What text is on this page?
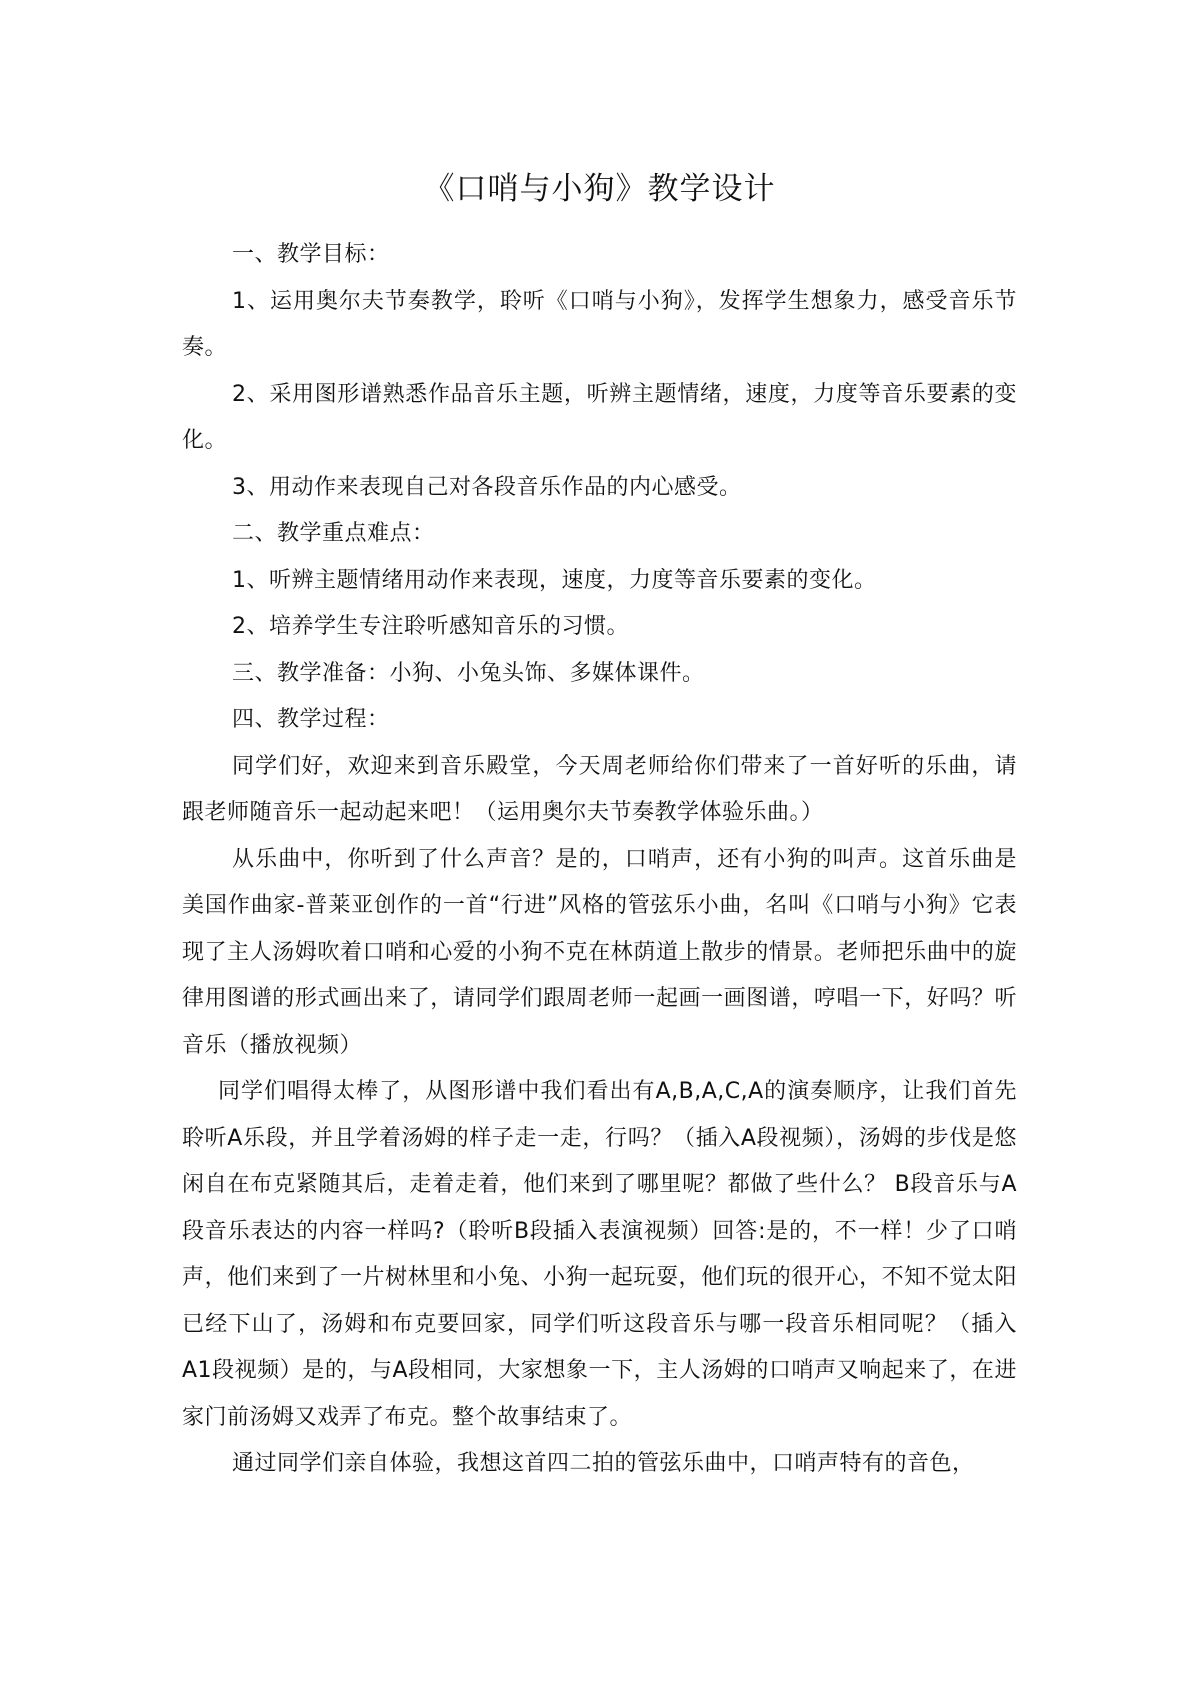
《口哨与小狗》教学设计

一、教学目标：

1、运用奥尔夫节奏教学，聆听《口哨与小狗》，发挥学生想象力，感受音乐节奏。

2、采用图形谱熟悉作品音乐主题，听辨主题情绪，速度，力度等音乐要素的变化。

3、用动作来表现自己对各段音乐作品的内心感受。

二、教学重点难点：

1、听辨主题情绪用动作来表现，速度，力度等音乐要素的变化。

2、培养学生专注聆听感知音乐的习惯。

三、教学准备：小狗、小兔头饰、多媒体课件。

四、教学过程：

同学们好，欢迎来到音乐殿堂，今天周老师给你们带来了一首好听的乐曲，请跟老师随音乐一起动起来吧！（运用奥尔夫节奏教学体验乐曲。）

从乐曲中，你听到了什么声音？是的，口哨声，还有小狗的叫声。这首乐曲是美国作曲家-普莱亚创作的一首“行进”风格的管弦乐小曲，名叫《口哨与小狗》它表现了主人汤姆吹着口哨和心爱的小狗不克在林荫道上散步的情景。老师把乐曲中的旋律用图谱的形式画出来了，请同学们跟周老师一起画一画图谱，哼唱一下，好吗？听音乐（播放视频）

同学们唱得太棒了，从图形谱中我们看出有A,B,A,C,A的演奏顺序，让我们首先聆听A乐段，并且学着汤姆的样子走一走，行吗？（插入A段视频），汤姆的步伐是悠闲自在布克紧随其后，走着走着，他们来到了哪里呢？都做了些什么？ B段音乐与A段音乐表达的内容一样吗?（聆听B段插入表演视频）回答:是的，不一样！少了口哨声，他们来到了一片树林里和小兔、小狗一起玩耍，他们玩的很开心，不知不觉太阳已经下山了，汤姆和布克要回家，同学们听这段音乐与哪一段音乐相同呢？（插入A1段视频）是的，与A段相同，大家想象一下，主人汤姆的口哨声又响起来了，在进家门前汤姆又戏弄了布克。整个故事结束了。

通过同学们亲自体验，我想这首四二拍的管弦乐曲中，口哨声特有的音色，
